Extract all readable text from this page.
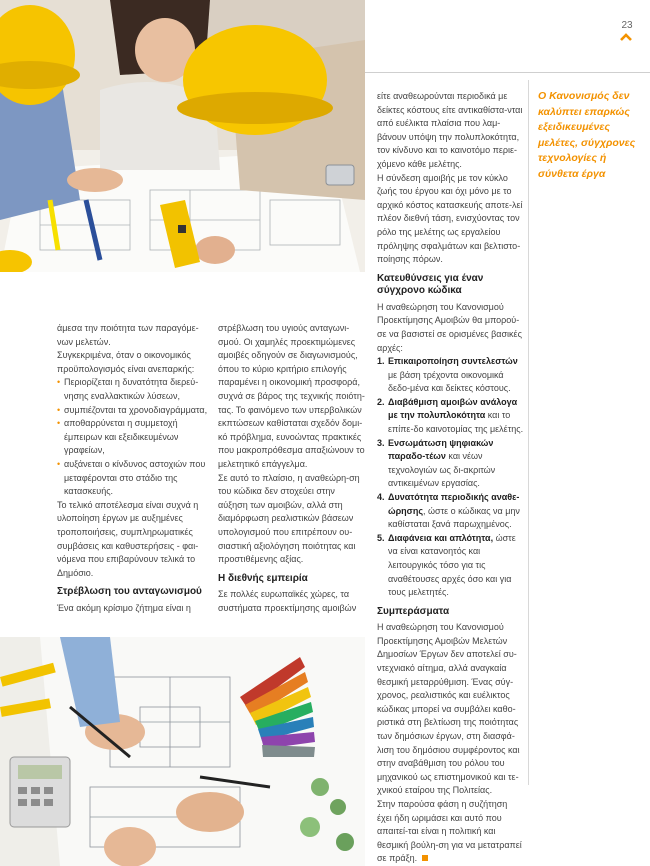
23
Ο Κανονισμός δεν καλύπτει επαρκώς εξειδικευμένες μελέτες, σύγχρονες τεχνολογίες ή σύνθετα έργα

άμεσα την ποιότητα των παραγόμε-νων μελετών.

Συγκεκριμένα, όταν ο οικονομικός προϋπολογισμός είναι ανεπαρκής:

• Περιορίζεται η δυνατότητα διερεύ-νησης εναλλακτικών λύσεων,
• συμπιέζονται τα χρονοδιαγράμματα,
• αποθαρρύνεται η συμμετοχή έμπειρων και εξειδικευμένων γραφείων,
• αυξάνεται ο κίνδυνος αστοχιών που μεταφέρονται στο στάδιο της κατασκευής.

Το τελικό αποτέλεσμα είναι συχνά η υλοποίηση έργων με αυξημένες τροποποιήσεις, συμπληρωματικές συμβάσεις και καθυστερήσεις - φαι-νόμενα που επιβαρύνουν τελικά το Δημόσιο.

Στρέβλωση του ανταγωνισμού

Ένα ακόμη κρίσιμο ζήτημα είναι η

στρέβλωση του υγιούς ανταγωνι-σμού. Οι χαμηλές προεκτιμώμενες αμοιβές οδηγούν σε διαγωνισμούς, όπου το κύριο κριτήριο επιλογής παραμένει η οικονομική προσφορά, συχνά σε βάρος της τεχνικής ποιότη-τας. Το φαινόμενο των υπερβολικών εκπτώσεων καθίσταται σχεδόν δομι-κό πρόβλημα, ευνοώντας πρακτικές που μακροπρόθεσμα απαξιώνουν το μελετητικό επάγγελμα.

Σε αυτό το πλαίσιο, η αναθεώρη-ση του κώδικα δεν στοχεύει στην αύξηση των αμοιβών, αλλά στη διαμόρφωση ρεαλιστικών βάσεων υπολογισμού που επιτρέπουν ου-σιαστική αξιολόγηση ποιότητας και προστιθέμενης αξίας.

Η διεθνής εμπειρία

Σε πολλές ευρωπαϊκές χώρες, τα συστήματα προεκτίμησης αμοιβών

είτε αναθεωρούνται περιοδικά με δείκτες κόστους είτε αντικαθίστα-νται από ευέλικτα πλαίσια που λαμ-βάνουν υπόψη την πολυπλοκότητα, τον κίνδυνο και το καινοτόμο περιε-χόμενο κάθε μελέτης.

Η σύνδεση αμοιβής με τον κύκλο ζωής του έργου και όχι μόνο με το αρχικό κόστος κατασκευής αποτε-λεί πλέον διεθνή τάση, ενισχύοντας τον ρόλο της μελέτης ως εργαλείου πρόληψης σφαλμάτων και βελτιστο-ποίησης πόρων.

Κατευθύνσεις για έναν σύγχρονο κώδικα

Η αναθεώρηση του Κανονισμού Προεκτίμησης Αμοιβών θα μπορού-σε να βασιστεί σε ορισμένες βασικές αρχές:

1. Επικαιροποίηση συντελεστών με βάση τρέχοντα οικονομικά δεδο-μένα και δείκτες κόστους.
2. Διαβάθμιση αμοιβών ανάλογα με την πολυπλοκότητα και το επίπε-δο καινοτομίας της μελέτης.
3. Ενσωμάτωση ψηφιακών παραδο-τέων και νέων τεχνολογιών ως δι-ακριτών αντικειμένων εργασίας.
4. Δυνατότητα περιοδικής αναθε-ώρησης, ώστε ο κώδικας να μην καθίσταται ξανά παρωχημένος.
5. Διαφάνεια και απλότητα, ώστε να είναι κατανοητός και λειτουργικός τόσο για τις αναθέτουσες αρχές όσο και για τους μελετητές.
Συμπεράσματα

Η αναθεώρηση του Κανονισμού Προεκτίμησης Αμοιβών Μελετών Δημοσίων Έργων δεν αποτελεί συ-ντεχνιακό αίτημα, αλλά αναγκαία θεσμική μεταρρύθμιση. Ένας σύγ-χρονος, ρεαλιστικός και ευέλικτος κώδικας μπορεί να συμβάλει καθο-ριστικά στη βελτίωση της ποιότητας των δημόσιων έργων, στη διασφά-λιση του δημόσιου συμφέροντος και στην αναβάθμιση του ρόλου του μηχανικού ως επιστημονικού και τε-χνικού εταίρου της Πολιτείας.

Στην παρούσα φάση η συζήτηση έχει ήδη ωριμάσει και αυτό που απαιτεί-ται είναι η πολιτική και θεσμική βούλη-ση για να μετατραπεί σε πράξη.
